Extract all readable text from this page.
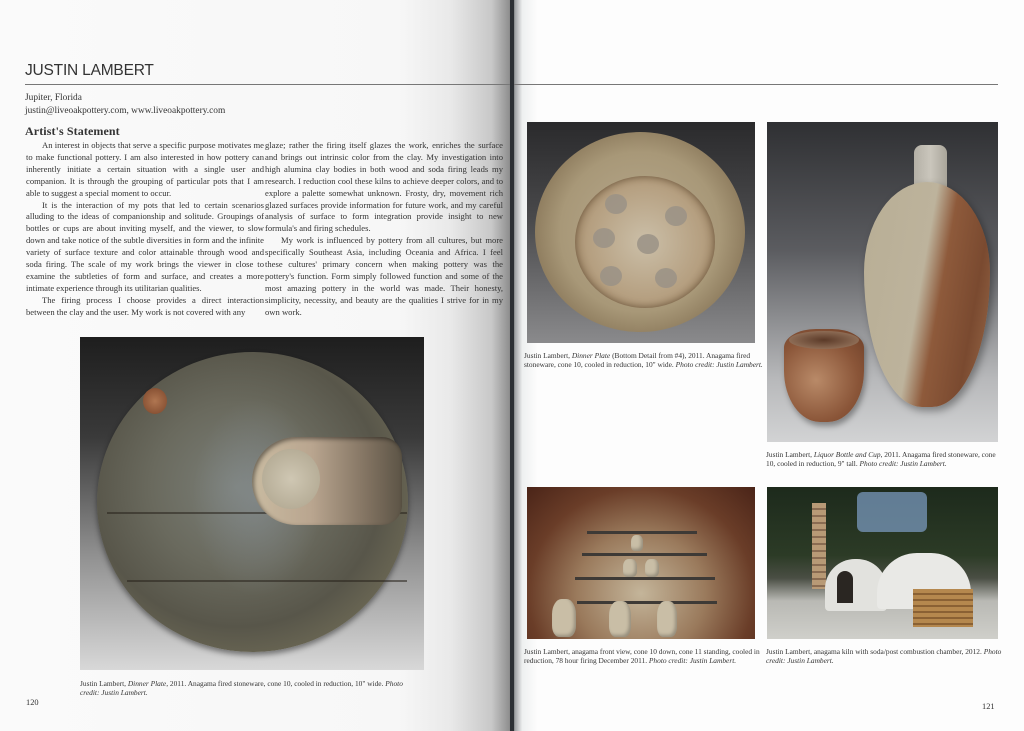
JUSTIN LAMBERT
Jupiter, Florida
justin@liveoakpottery.com, www.liveoakpottery.com
Artist's Statement

An interest in objects that serve a specific purpose motivates me to make functional pottery. I am also interested in how pottery can inherently initiate a certain situation with a single user and companion. It is through the grouping of particular pots that I am able to suggest a special moment to occur.

It is the interaction of my pots that led to certain scenarios alluding to the ideas of companionship and solitude. Groupings of bottles or cups are about inviting myself, and the viewer, to slow down and take notice of the subtle diversities in form and the infinite variety of surface texture and color attainable through wood and soda firing. The scale of my work brings the viewer in close to examine the subtleties of form and surface, and creates a more intimate experience through its utilitarian qualities.

The firing process I choose provides a direct interaction between the clay and the user. My work is not covered with any

glaze; rather the firing itself glazes the work, enriches the surface and brings out intrinsic color from the clay. My investigation into high alumina clay bodies in both wood and soda firing leads my research. I reduction cool these kilns to achieve deeper colors, and to explore a palette somewhat unknown. Frosty, dry, movement rich glazed surfaces provide information for future work, and my careful analysis of surface to form integration provide insight to new formula's and firing schedules.

My work is influenced by pottery from all cultures, but more specifically Southeast Asia, including Oceania and Africa. I feel these cultures' primary concern when making pottery was the pottery's function. Form simply followed function and some of the most amazing pottery in the world was made. Their honesty, simplicity, necessity, and beauty are the qualities I strive for in my own work.

Justin Lambert, Dinner Plate, 2011. Anagama fired stoneware, cone 10, cooled in reduction, 10" wide. Photo credit: Justin Lambert.
120
Justin Lambert, Dinner Plate (Bottom Detail from #4), 2011. Anagama fired stoneware, cone 10, cooled in reduction, 10" wide. Photo credit: Justin Lambert.
Justin Lambert, Liquor Bottle and Cup, 2011. Anagama fired stoneware, cone 10, cooled in reduction, 9" tall. Photo credit: Justin Lambert.
Justin Lambert, anagama front view, cone 10 down, cone 11 standing, cooled in reduction, 78 hour firing December 2011. Photo credit: Justin Lambert.
Justin Lambert, anagama kiln with soda/post combustion chamber, 2012. Photo credit: Justin Lambert.
121
